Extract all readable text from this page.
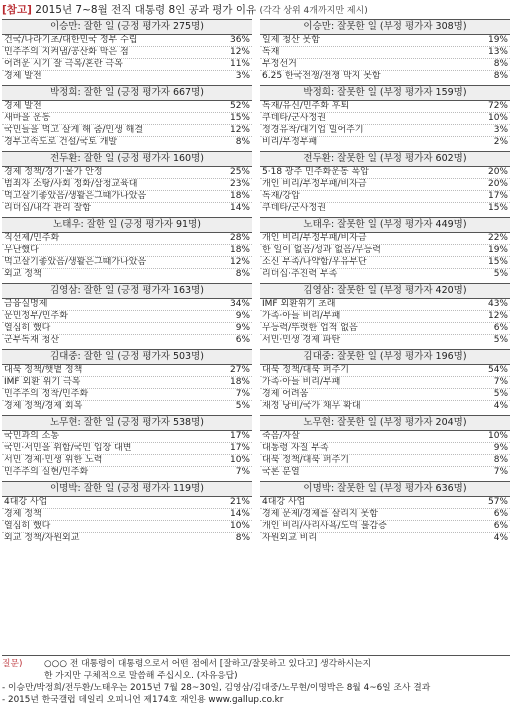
[참고] 2015년 7~8월 전직 대통령 8인 공과 평가 이유 (각각 상위 4개까지만 제시)
이승만: 잘한 일 (긍정 평가자 275명)
건국/나라기초/대한민국 정부 수립	36%
민주주의 지켜냄/공산화 막은 점	12%
어려운 시기 잘 극복/혼란 극복	11%
경제 발전	3%
이승만: 잘못한 일 (부정 평가자 308명)
일제 청산 못함	19%
독재	13%
부정선거	8%
6.25 한국전쟁/전쟁 막지 못함	8%
박정희: 잘한 일 (긍정 평가자 667명)
경제 발전	52%
새마을 운동	15%
국민들을 먹고 살게 해 줌/민생 해결	12%
경부고속도로 건설/국토 개발	8%
박정희: 잘못한 일 (부정 평가자 159명)
독재/유신/민주화 후퇴	72%
쿠데타/군사정권	10%
정경유착/대기업 밀어주기	3%
비리/부정부패	2%
전두환: 잘한 일 (긍정 평가자 160명)
경제 정책/경기·물가 안정	25%
범죄자 소탕/사회 정화/삼청교육대	23%
먹고살기좋았음/생활은그때가나았음	18%
리더십/내각 관리 잘함	14%
전두환: 잘못한 일 (부정 평가자 602명)
5·18 광주 민주화운동 폭압	20%
개인 비리/부정부패/비자금	20%
독재/강압	17%
쿠데타/군사정권	15%
노태우: 잘한 일 (긍정 평가자 91명)
직선제/민주화	28%
무난했다	18%
먹고살기좋았음/생활은그때가나았음	12%
외교 정책	8%
노태우: 잘못한 일 (부정 평가자 449명)
개인 비리/부정부패/비자금	22%
한 일이 없음/성과 없음/무능력	19%
소신 부족/나약함/우유부단	15%
리더십·추진력 부족	5%
김영삼: 잘한 일 (긍정 평가자 163명)
금융실명제	34%
문민정부/민주화	9%
열심히 했다	9%
군부독재 청산	6%
김영삼: 잘못한 일 (부정 평가자 420명)
IMF 외환위기 초래	43%
가족·아들 비리/부패	12%
무능력/뚜렷한 업적 없음	6%
서민·민생 경제 파탄	5%
김대중: 잘한 일 (긍정 평가자 503명)
대북 정책/햇볕 정책	27%
IMF 외환 위기 극복	18%
민주주의 정착/민주화	7%
경제 정책/경제 회복	5%
김대중: 잘못한 일 (부정 평가자 196명)
대북 정책/대북 퍼주기	54%
가족·아들 비리/부패	7%
경제 어려움	5%
재정 낭비/국가 채무 확대	4%
노무현: 잘한 일 (긍정 평가자 538명)
국민과의 소통	17%
국민·서민을 위함/국민 입장 대변	17%
서민 경제·민생 위한 노력	10%
민주주의 실현/민주화	7%
노무현: 잘못한 일 (부정 평가자 204명)
죽음/자살	10%
대통령 자질 부족	9%
대북 정책/대북 퍼주기	8%
국론 분열	7%
이명박: 잘한 일 (긍정 평가자 119명)
4대강 사업	21%
경제 정책	14%
열심히 했다	10%
외교 정책/자원외교	8%
이명박: 잘못한 일 (부정 평가자 636명)
4대강 사업	57%
경제 문제/경제를 살리지 못함	6%
개인 비리/사리사욕/도덕 불감증	6%
자원외교 비리	4%
질문)	○○○ 전 대통령이 대통령으로서 어떤 점에서 [잘하고/잘못하고 있다고] 생각하시는지
한 가지만 구체적으로 말씀해 주십시오. (자유응답)
- 이승만/박정희/전두환/노태우는 2015년 7월 28~30일, 김영삼/김대중/노무현/이명박은 8월 4~6일 조사 결과
- 2015년 한국갤럽 데일리 오피니언 제174호 재인용 www.gallup.co.kr
